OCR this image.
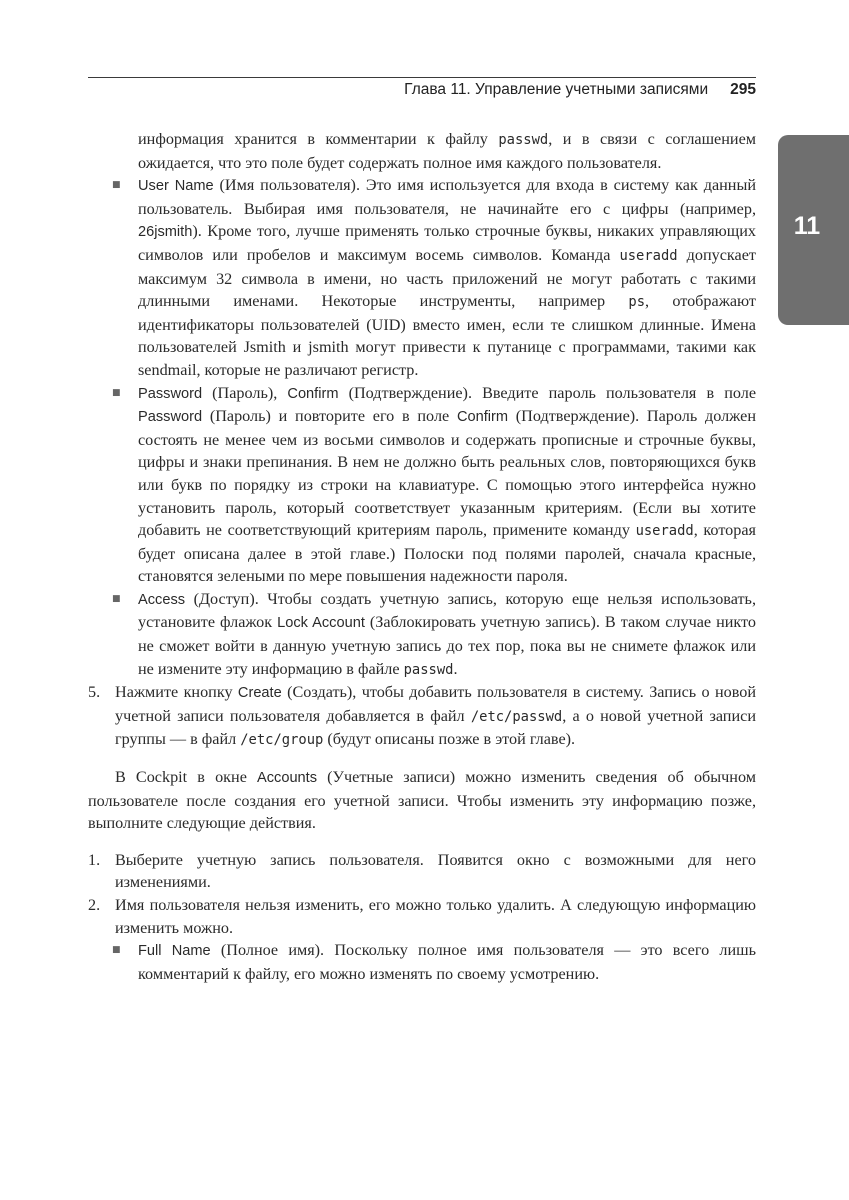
Глава 11. Управление учетными записями 295
11

информация хранится в комментарии к файлу passwd, и в связи с соглашением ожидается, что это поле будет содержать полное имя каждого пользователя.

■ User Name (Имя пользователя). Это имя используется для входа в систему как данный пользователь. Выбирая имя пользователя, не начинайте его с цифры (например, 26jsmith). Кроме того, лучше применять только строчные буквы, никаких управляющих символов или пробелов и максимум восемь символов. Команда useradd допускает максимум 32 символа в имени, но часть приложений не могут работать с такими длинными именами. Некоторые инструменты, например ps, отображают идентификаторы пользователей (UID) вместо имен, если те слишком длинные. Имена пользователей Jsmith и jsmith могут привести к путанице с программами, такими как sendmail, которые не различают регистр.

■ Password (Пароль), Confirm (Подтверждение). Введите пароль пользователя в поле Password (Пароль) и повторите его в поле Confirm (Подтверждение). Пароль должен состоять не менее чем из восьми символов и содержать прописные и строчные буквы, цифры и знаки препинания. В нем не должно быть реальных слов, повторяющихся букв или букв по порядку из строки на клавиатуре. С помощью этого интерфейса нужно установить пароль, который соответствует указанным критериям. (Если вы хотите добавить не соответствующий критериям пароль, примените команду useradd, которая будет описана далее в этой главе.) Полоски под полями паролей, сначала красные, становятся зелеными по мере повышения надежности пароля.

■ Access (Доступ). Чтобы создать учетную запись, которую еще нельзя использовать, установите флажок Lock Account (Заблокировать учетную запись). В таком случае никто не сможет войти в данную учетную запись до тех пор, пока вы не снимете флажок или не измените эту информацию в файле passwd.

5. Нажмите кнопку Create (Создать), чтобы добавить пользователя в систему. Запись о новой учетной записи пользователя добавляется в файл /etc/passwd, а о новой учетной записи группы — в файл /etc/group (будут описаны позже в этой главе).

В Cockpit в окне Accounts (Учетные записи) можно изменить сведения об обычном пользователе после создания его учетной записи. Чтобы изменить эту информацию позже, выполните следующие действия.

1. Выберите учетную запись пользователя. Появится окно с возможными для него изменениями.

2. Имя пользователя нельзя изменить, его можно только удалить. А следующую информацию изменить можно.

■ Full Name (Полное имя). Поскольку полное имя пользователя — это всего лишь комментарий к файлу, его можно изменять по своему усмотрению.
